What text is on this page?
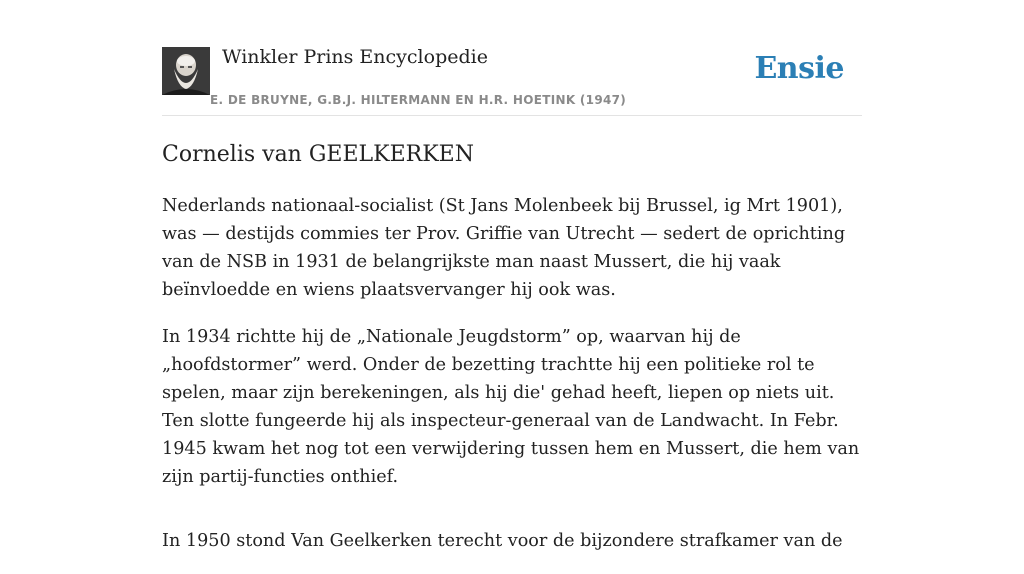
Winkler Prins Encyclopedie
E. DE BRUYNE, G.B.J. HILTERMANN EN H.R. HOETINK (1947)
Ensie
Cornelis van GEELKERKEN

Nederlands nationaal-socialist (St Jans Molenbeek bij Brussel, ig Mrt 1901), was — destijds commies ter Prov. Griffie van Utrecht — sedert de oprichting van de NSB in 1931 de belangrijkste man naast Mussert, die hij vaak beïnvloedde en wiens plaatsvervanger hij ook was.

In 1934 richtte hij de „Nationale Jeugdstorm” op, waarvan hij de „hoofdstormer” werd. Onder de bezetting trachtte hij een politieke rol te spelen, maar zijn berekeningen, als hij die' gehad heeft, liepen op niets uit. Ten slotte fungeerde hij als inspecteur-generaal van de Landwacht. In Febr. 1945 kwam het nog tot een verwijdering tussen hem en Mussert, die hem van zijn partij-functies onthief.

In 1950 stond Van Geelkerken terecht voor de bijzondere strafkamer van de
